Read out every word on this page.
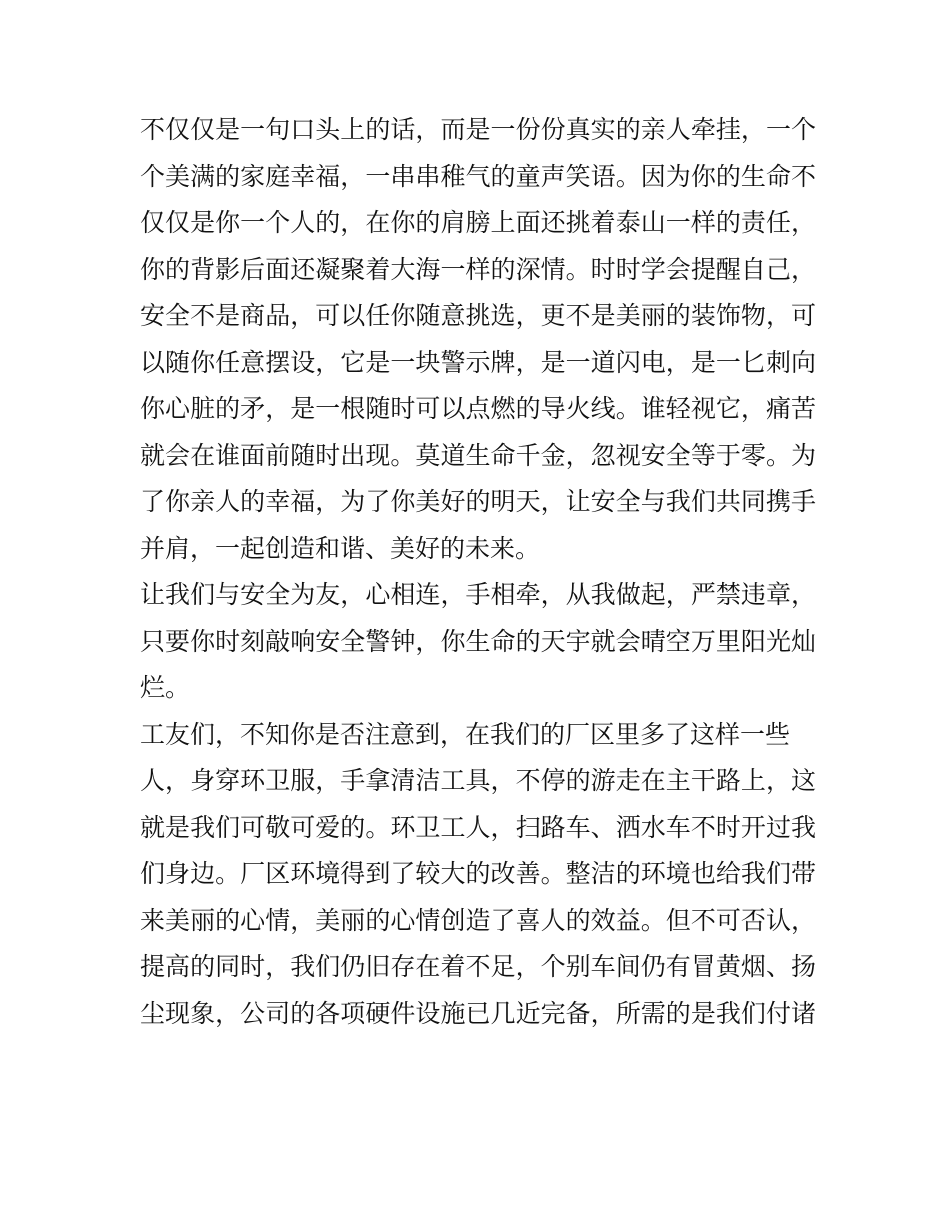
不仅仅是一句口头上的话，而是一份份真实的亲人牵挂，一个
个美满的家庭幸福，一串串稚气的童声笑语。因为你的生命不
仅仅是你一个人的，在你的肩膀上面还挑着泰山一样的责任，
你的背影后面还凝聚着大海一样的深情。时时学会提醒自己，
安全不是商品，可以任你随意挑选，更不是美丽的装饰物，可
以随你任意摆设，它是一块警示牌，是一道闪电，是一匕刺向
你心脏的矛，是一根随时可以点燃的导火线。谁轻视它，痛苦
就会在谁面前随时出现。莫道生命千金，忽视安全等于零。为
了你亲人的幸福，为了你美好的明天，让安全与我们共同携手
并肩，一起创造和谐、美好的未来。
让我们与安全为友，心相连，手相牵，从我做起，严禁违章，
只要你时刻敲响安全警钟，你生命的天宇就会晴空万里阳光灿
烂。
工友们，不知你是否注意到，在我们的厂区里多了这样一些
人，身穿环卫服，手拿清洁工具，不停的游走在主干路上，这
就是我们可敬可爱的。环卫工人，扫路车、洒水车不时开过我
们身边。厂区环境得到了较大的改善。整洁的环境也给我们带
来美丽的心情，美丽的心情创造了喜人的效益。但不可否认，
提高的同时，我们仍旧存在着不足，个别车间仍有冒黄烟、扬
尘现象，公司的各项硬件设施已几近完备，所需的是我们付诸
